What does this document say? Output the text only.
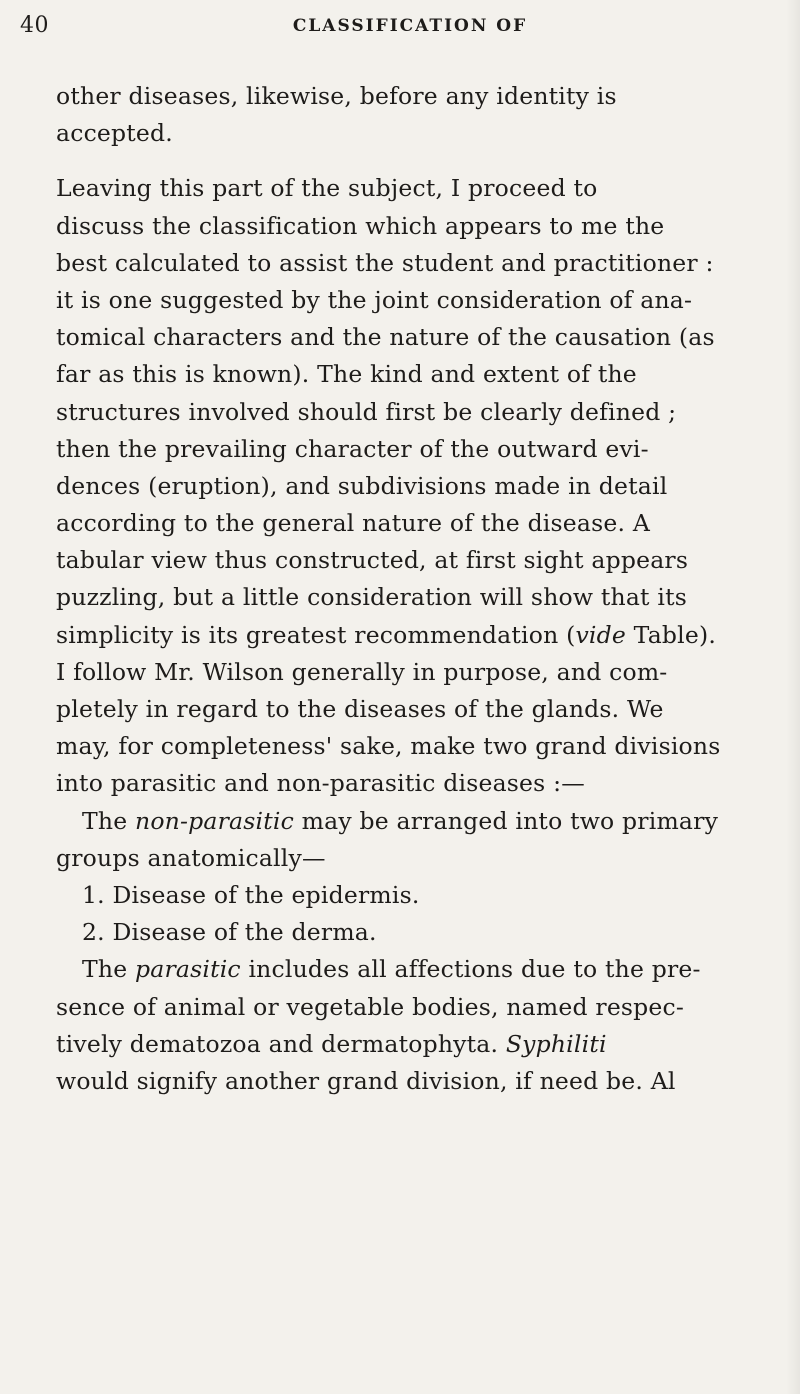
40	CLASSIFICATION OF
other diseases, likewise, before any identity is
accepted.
Leaving this part of the subject, I proceed to
discuss the classification which appears to me the
best calculated to assist the student and practitioner :
it is one suggested by the joint consideration of ana-
tomical characters and the nature of the causation (as
far as this is known). The kind and extent of the
structures involved should first be clearly defined ;
then the prevailing character of the outward evi-
dences (eruption), and subdivisions made in detail
according to the general nature of the disease. A
tabular view thus constructed, at first sight appears
puzzling, but a little consideration will show that its
simplicity is its greatest recommendation (vide Table).
I follow Mr. Wilson generally in purpose, and com-
pletely in regard to the diseases of the glands. We
may, for completeness' sake, make two grand divisions
into parasitic and non-parasitic diseases :—
The non-parasitic may be arranged into two primary
groups anatomically—
1. Disease of the epidermis.
2. Disease of the derma.
The parasitic includes all affections due to the pre-
sence of animal or vegetable bodies, named respec-
tively dematozoa and dermatophyta. Syphiliti
would signify another grand division, if need be. Al
